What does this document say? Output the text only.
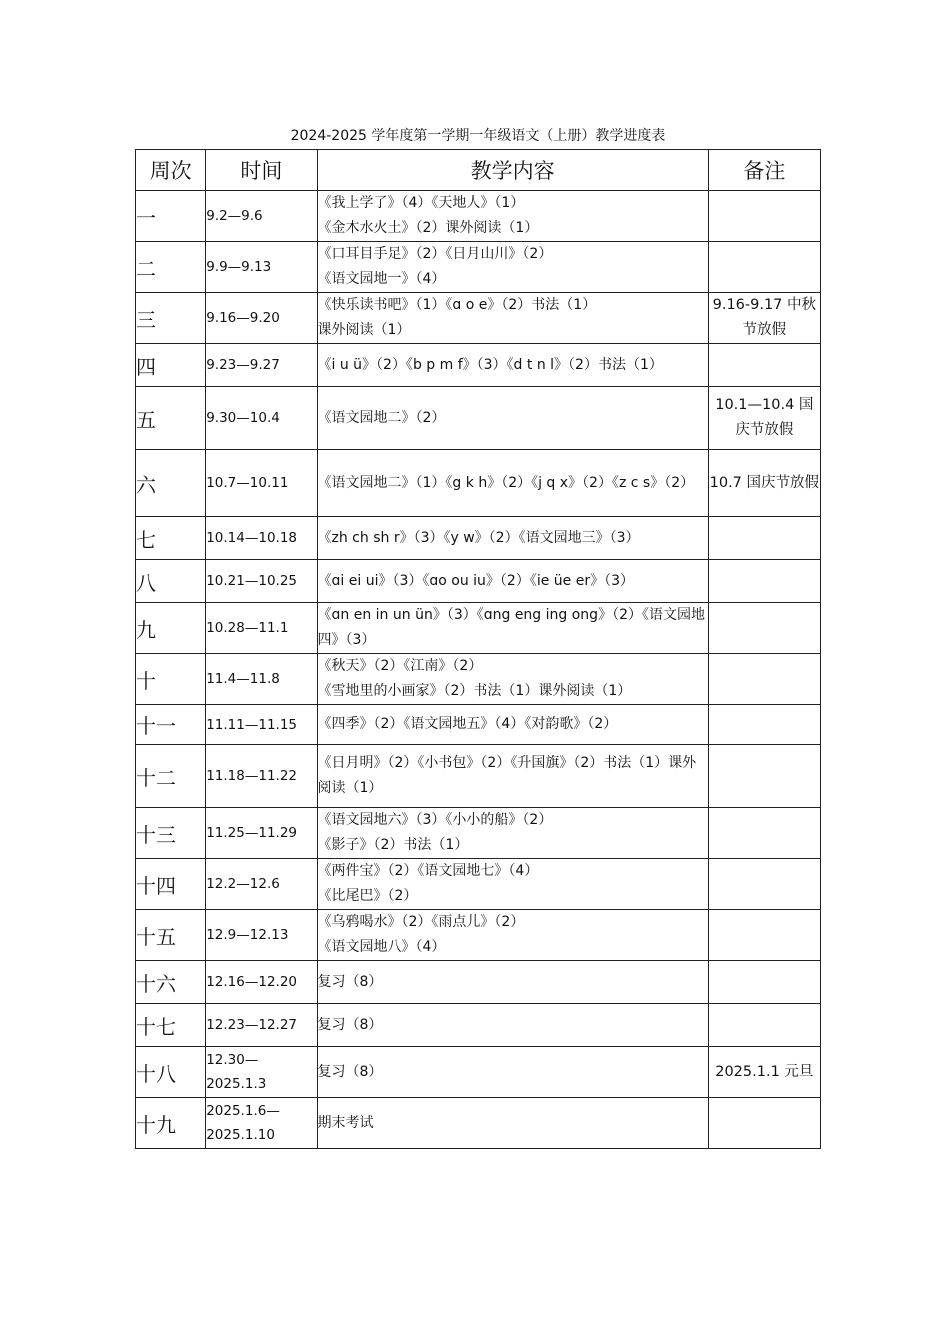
2024-2025 学年度第一学期一年级语文（上册）教学进度表
周次	时间	教学内容	备注
一	9.2—9.6	《我上学了》（4）《天地人》（1）
《金木水火土》（2）课外阅读（1）	

二	9.9—9.13	《口耳目手足》（2）《日月山川》（2）
《语文园地一》（4）	

三	9.16—9.20	《快乐读书吧》（1）《ɑ o e》（2）书法（1）
课外阅读（1）	9.16-9.17 中秋节放假
四	9.23—9.27	《i u ü》（2）《b p m f》（3）《d t n l》（2）书法（1）	

五	9.30—10.4	《语文园地二》（2）	10.1—10.4 国庆节放假
六	10.7—10.11	《语文园地二》（1）《g k h》（2）《j q x》（2）《z c s》（2）	10.7 国庆节放假
七	10.14—10.18	《zh ch sh r》（3）《y w》（2）《语文园地三》（3）	

八	10.21—10.25	《ɑi ei ui》（3）《ɑo ou iu》（2）《ie üe er》（3）	

九	10.28—11.1	《ɑn en in un ün》（3）《ɑng eng ing ong》（2）《语文园地四》（3）	

十	11.4—11.8	《秋天》（2）《江南》（2）
《雪地里的小画家》（2）书法（1）课外阅读（1）	

十一	11.11—11.15	《四季》（2）《语文园地五》（4）《对韵歌》（2）	

十二	11.18—11.22	《日月明》（2）《小书包》（2）《升国旗》（2）书法（1）课外阅读（1）	

十三	11.25—11.29	《语文园地六》（3）《小小的船》（2）
《影子》（2）书法（1）	

十四	12.2—12.6	《两件宝》（2）《语文园地七》（4）
《比尾巴》（2）	

十五	12.9—12.13	《乌鸦喝水》（2）《雨点儿》（2）
《语文园地八》（4）	

十六	12.16—12.20	复习（8）	

十七	12.23—12.27	复习（8）	

十八	12.30—2025.1.3	复习（8）	2025.1.1 元旦
十九	2025.1.6—2025.1.10	期末考试	
